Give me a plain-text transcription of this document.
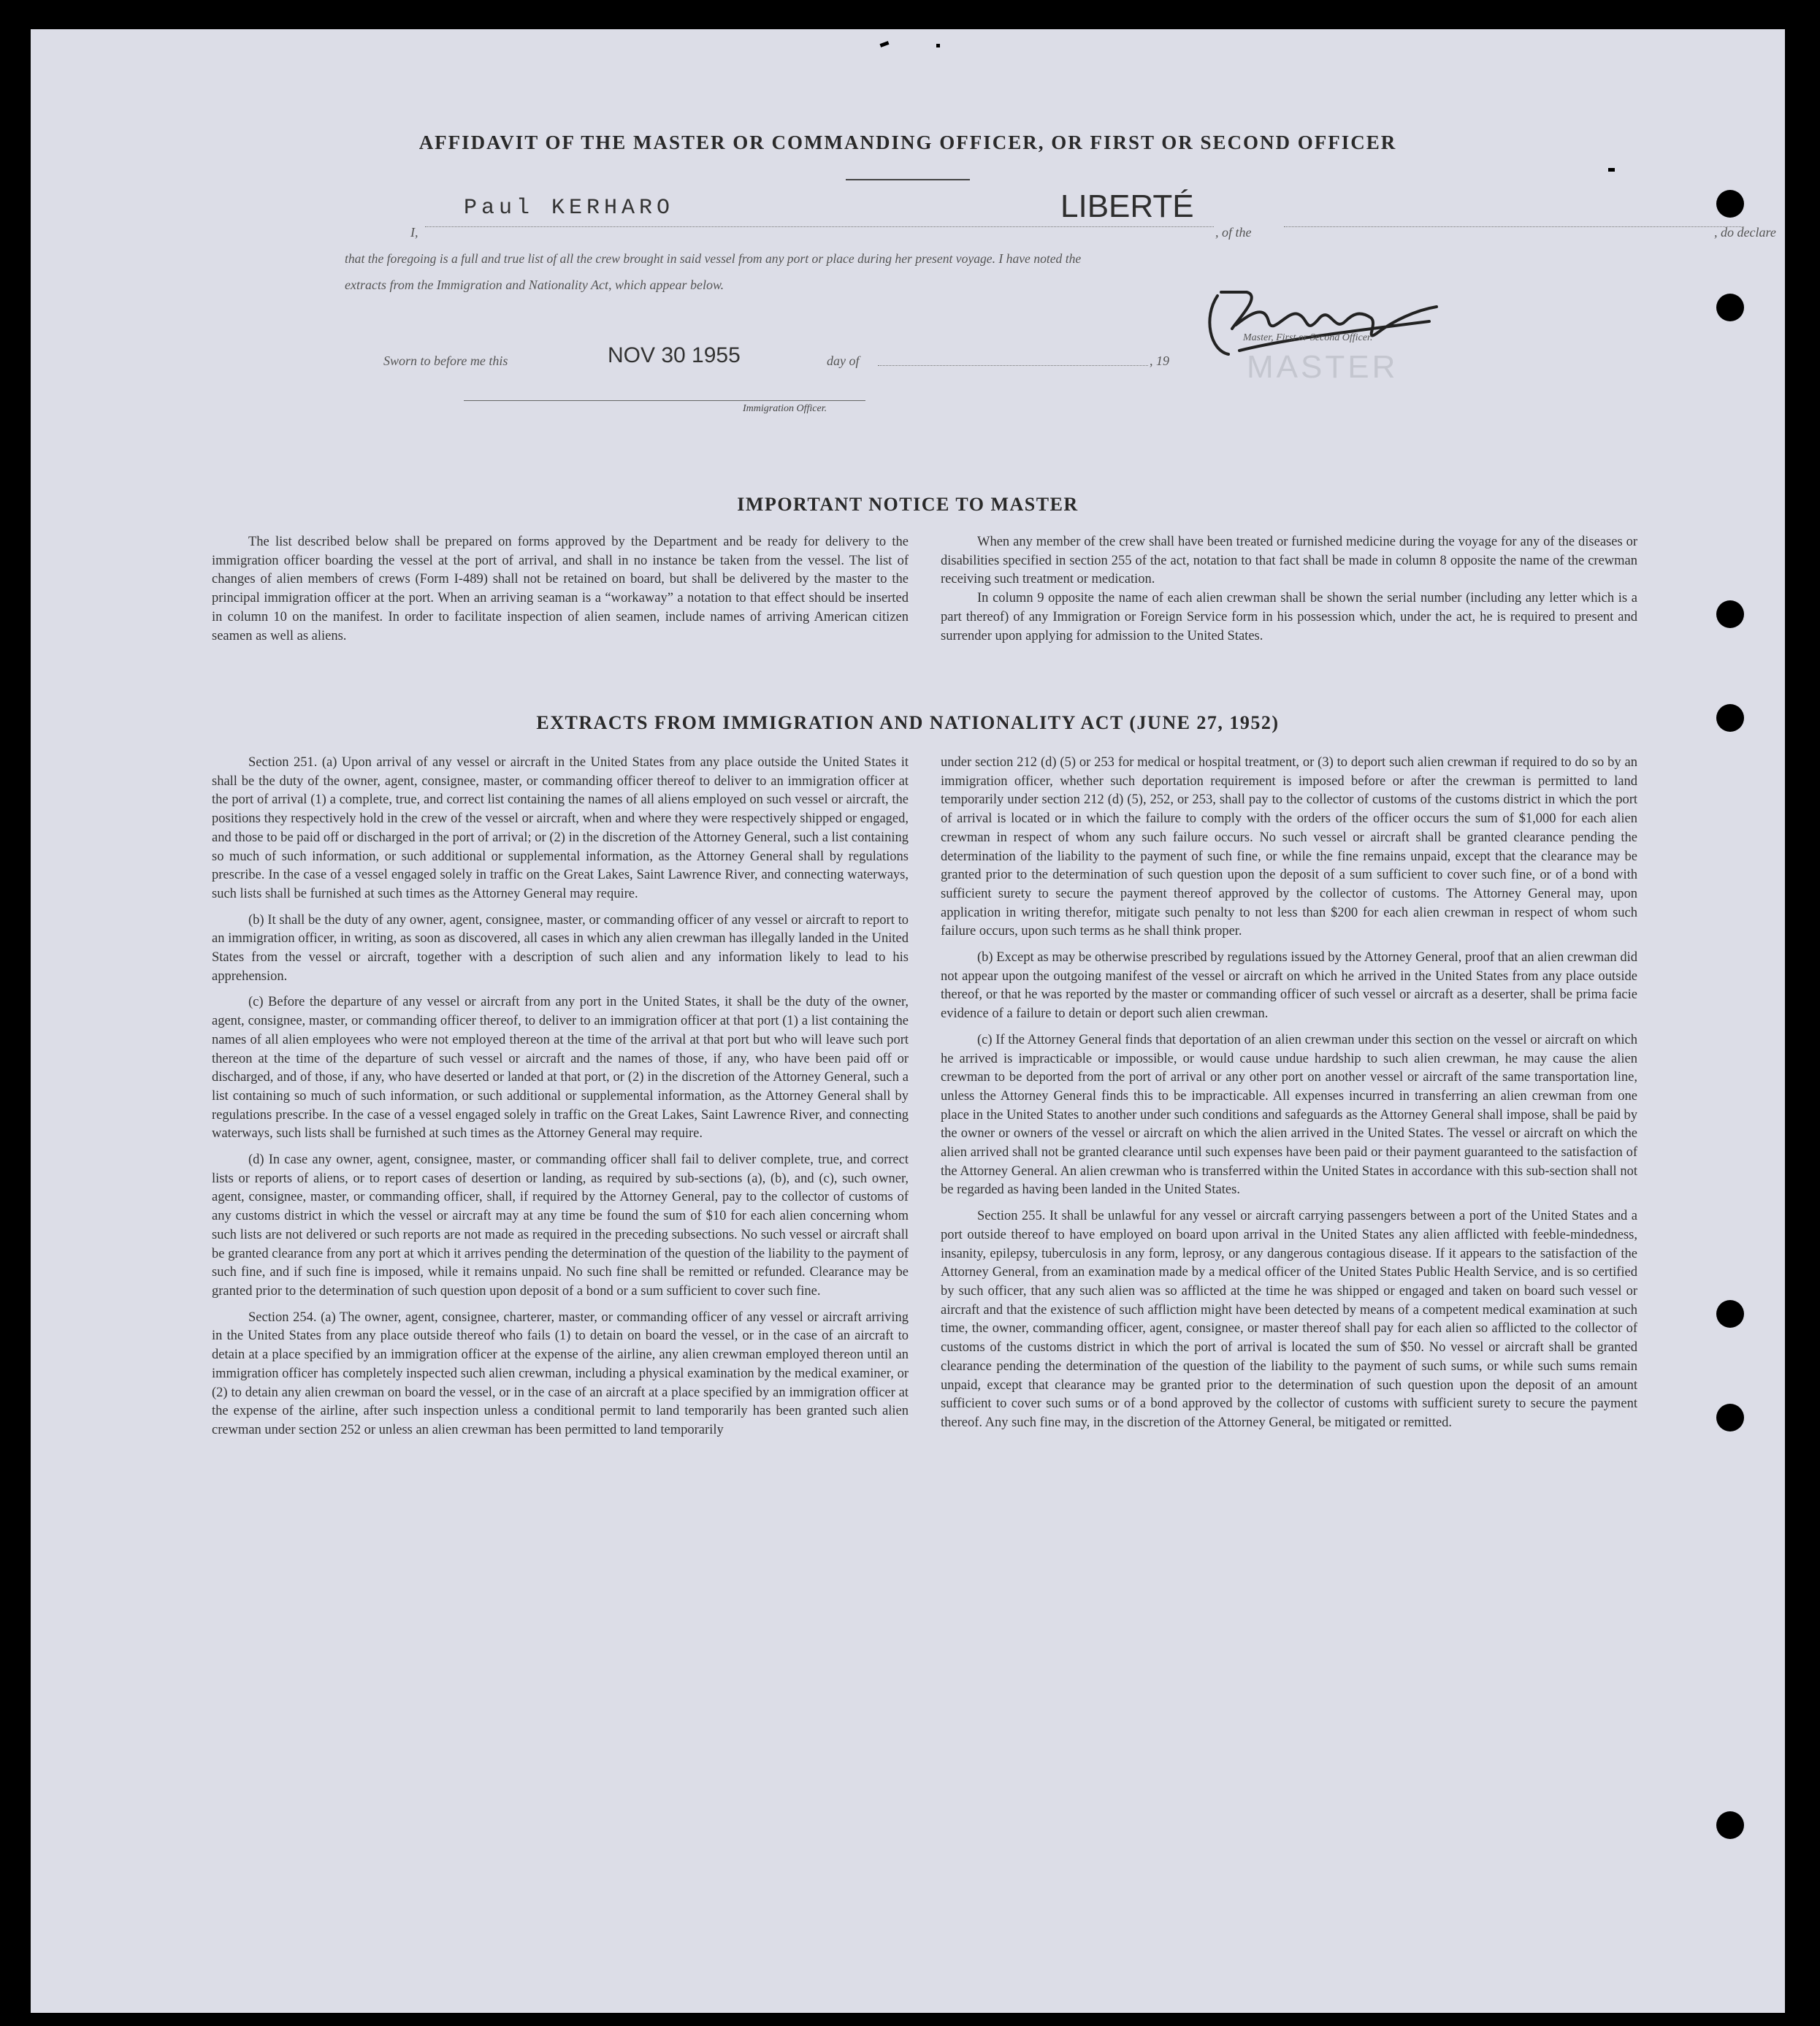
AFFIDAVIT OF THE MASTER OR COMMANDING OFFICER, OR FIRST OR SECOND OFFICER
I,	, of the	, do declare
that the foregoing is a full and true list of all the crew brought in said vessel from any port or place during her present voyage. I have noted the
extracts from the Immigration and Nationality Act, which appear below.
Paul KERHARO	LIBERTÉ
Master, First or Second Officer.
MASTER
Sworn to before me this	NOV 30 1955	day of	, 19
Immigration Officer.
IMPORTANT NOTICE TO MASTER

The list described below shall be prepared on forms approved by the Department and be ready for delivery to the immigration officer boarding the vessel at the port of arrival, and shall in no instance be taken from the vessel. The list of changes of alien members of crews (Form I-489) shall not be retained on board, but shall be delivered by the master to the principal immigration officer at the port. When an arriving seaman is a “workaway” a notation to that effect should be inserted in column 10 on the manifest. In order to facilitate inspection of alien seamen, include names of arriving American citizen seamen as well as aliens.

When any member of the crew shall have been treated or furnished medicine during the voyage for any of the diseases or disabilities specified in section 255 of the act, notation to that fact shall be made in column 8 opposite the name of the crewman receiving such treatment or medication.

In column 9 opposite the name of each alien crewman shall be shown the serial number (including any letter which is a part thereof) of any Immigration or Foreign Service form in his possession which, under the act, he is required to present and surrender upon applying for admission to the United States.

EXTRACTS FROM IMMIGRATION AND NATIONALITY ACT (JUNE 27, 1952)

Section 251. (a) Upon arrival of any vessel or aircraft in the United States from any place outside the United States it shall be the duty of the owner, agent, consignee, master, or commanding officer thereof to deliver to an immigration officer at the port of arrival (1) a complete, true, and correct list containing the names of all aliens employed on such vessel or aircraft, the positions they respectively hold in the crew of the vessel or aircraft, when and where they were respectively shipped or engaged, and those to be paid off or discharged in the port of arrival; or (2) in the discretion of the Attorney General, such a list containing so much of such information, or such additional or supplemental information, as the Attorney General shall by regulations prescribe. In the case of a vessel engaged solely in traffic on the Great Lakes, Saint Lawrence River, and connecting waterways, such lists shall be furnished at such times as the Attorney General may require.

(b) It shall be the duty of any owner, agent, consignee, master, or commanding officer of any vessel or aircraft to report to an immigration officer, in writing, as soon as discovered, all cases in which any alien crewman has illegally landed in the United States from the vessel or aircraft, together with a description of such alien and any information likely to lead to his apprehension.

(c) Before the departure of any vessel or aircraft from any port in the United States, it shall be the duty of the owner, agent, consignee, master, or commanding officer thereof, to deliver to an immigration officer at that port (1) a list containing the names of all alien employees who were not employed thereon at the time of the arrival at that port but who will leave such port thereon at the time of the departure of such vessel or aircraft and the names of those, if any, who have been paid off or discharged, and of those, if any, who have deserted or landed at that port, or (2) in the discretion of the Attorney General, such a list containing so much of such information, or such additional or supplemental information, as the Attorney General shall by regulations prescribe. In the case of a vessel engaged solely in traffic on the Great Lakes, Saint Lawrence River, and connecting waterways, such lists shall be furnished at such times as the Attorney General may require.

(d) In case any owner, agent, consignee, master, or commanding officer shall fail to deliver complete, true, and correct lists or reports of aliens, or to report cases of desertion or landing, as required by sub-sections (a), (b), and (c), such owner, agent, consignee, master, or commanding officer, shall, if required by the Attorney General, pay to the collector of customs of any customs district in which the vessel or aircraft may at any time be found the sum of $10 for each alien concerning whom such lists are not delivered or such reports are not made as required in the preceding subsections. No such vessel or aircraft shall be granted clearance from any port at which it arrives pending the determination of the question of the liability to the payment of such fine, and if such fine is imposed, while it remains unpaid. No such fine shall be remitted or refunded. Clearance may be granted prior to the determination of such question upon deposit of a bond or a sum sufficient to cover such fine.

Section 254. (a) The owner, agent, consignee, charterer, master, or commanding officer of any vessel or aircraft arriving in the United States from any place outside thereof who fails (1) to detain on board the vessel, or in the case of an aircraft to detain at a place specified by an immigration officer at the expense of the airline, any alien crewman employed thereon until an immigration officer has completely inspected such alien crewman, including a physical examination by the medical examiner, or (2) to detain any alien crewman on board the vessel, or in the case of an aircraft at a place specified by an immigration officer at the expense of the airline, after such inspection unless a conditional permit to land temporarily has been granted such alien crewman under section 252 or unless an alien crewman has been permitted to land temporarily

under section 212 (d) (5) or 253 for medical or hospital treatment, or (3) to deport such alien crewman if required to do so by an immigration officer, whether such deportation requirement is imposed before or after the crewman is permitted to land temporarily under section 212 (d) (5), 252, or 253, shall pay to the collector of customs of the customs district in which the port of arrival is located or in which the failure to comply with the orders of the officer occurs the sum of $1,000 for each alien crewman in respect of whom any such failure occurs. No such vessel or aircraft shall be granted clearance pending the determination of the liability to the payment of such fine, or while the fine remains unpaid, except that the clearance may be granted prior to the determination of such question upon the deposit of a sum sufficient to cover such fine, or of a bond with sufficient surety to secure the payment thereof approved by the collector of customs. The Attorney General may, upon application in writing therefor, mitigate such penalty to not less than $200 for each alien crewman in respect of whom such failure occurs, upon such terms as he shall think proper.

(b) Except as may be otherwise prescribed by regulations issued by the Attorney General, proof that an alien crewman did not appear upon the outgoing manifest of the vessel or aircraft on which he arrived in the United States from any place outside thereof, or that he was reported by the master or commanding officer of such vessel or aircraft as a deserter, shall be prima facie evidence of a failure to detain or deport such alien crewman.

(c) If the Attorney General finds that deportation of an alien crewman under this section on the vessel or aircraft on which he arrived is impracticable or impossible, or would cause undue hardship to such alien crewman, he may cause the alien crewman to be deported from the port of arrival or any other port on another vessel or aircraft of the same transportation line, unless the Attorney General finds this to be impracticable. All expenses incurred in transferring an alien crewman from one place in the United States to another under such conditions and safeguards as the Attorney General shall impose, shall be paid by the owner or owners of the vessel or aircraft on which the alien arrived in the United States. The vessel or aircraft on which the alien arrived shall not be granted clearance until such expenses have been paid or their payment guaranteed to the satisfaction of the Attorney General. An alien crewman who is transferred within the United States in accordance with this sub-section shall not be regarded as having been landed in the United States.

Section 255. It shall be unlawful for any vessel or aircraft carrying passengers between a port of the United States and a port outside thereof to have employed on board upon arrival in the United States any alien afflicted with feeble-mindedness, insanity, epilepsy, tuberculosis in any form, leprosy, or any dangerous contagious disease. If it appears to the satisfaction of the Attorney General, from an examination made by a medical officer of the United States Public Health Service, and is so certified by such officer, that any such alien was so afflicted at the time he was shipped or engaged and taken on board such vessel or aircraft and that the existence of such affliction might have been detected by means of a competent medical examination at such time, the owner, commanding officer, agent, consignee, or master thereof shall pay for each alien so afflicted to the collector of customs of the customs district in which the port of arrival is located the sum of $50. No vessel or aircraft shall be granted clearance pending the determination of the question of the liability to the payment of such sums, or while such sums remain unpaid, except that clearance may be granted prior to the determination of such question upon the deposit of an amount sufficient to cover such sums or of a bond approved by the collector of customs with sufficient surety to secure the payment thereof. Any such fine may, in the discretion of the Attorney General, be mitigated or remitted.
